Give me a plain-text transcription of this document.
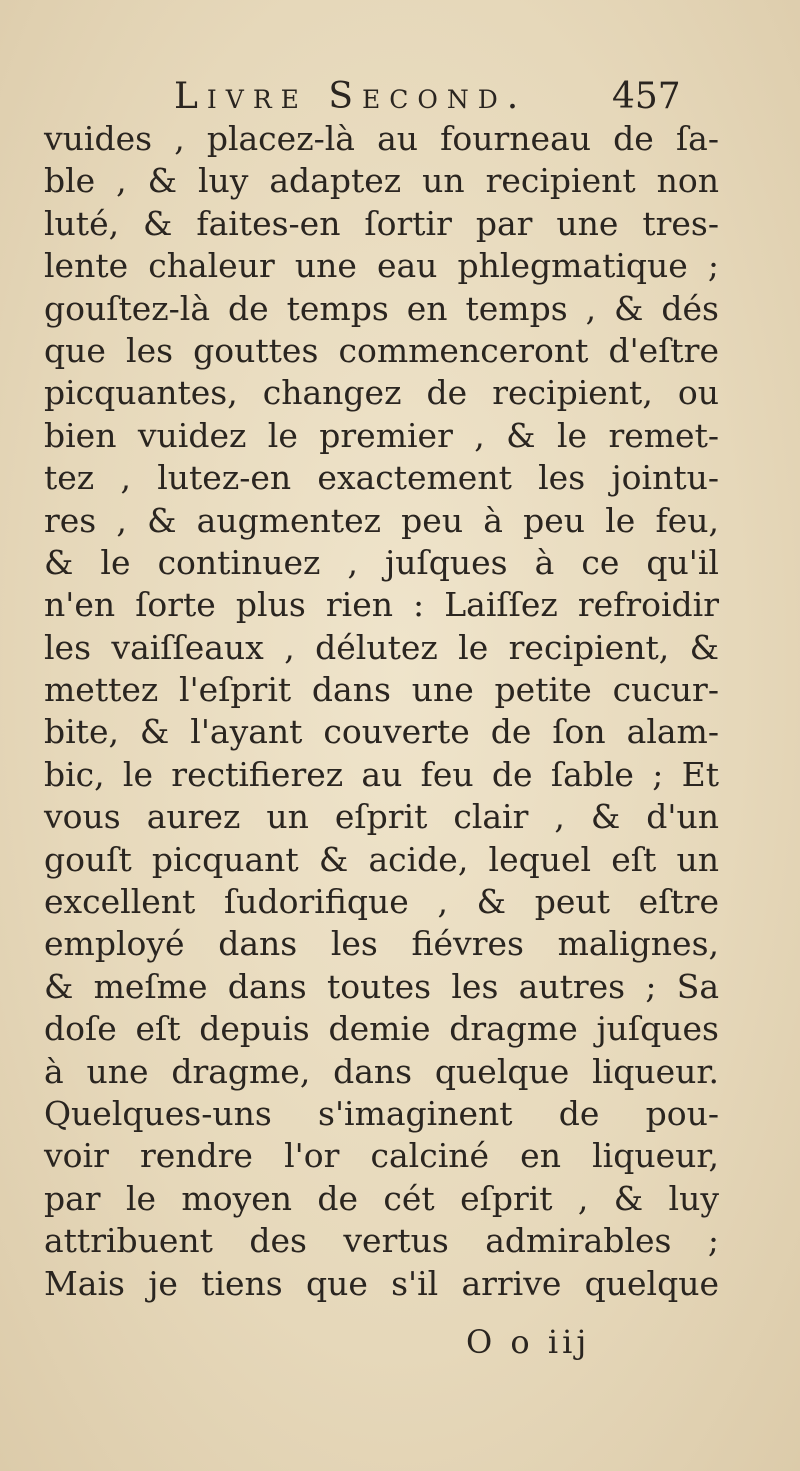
Livre Second. 457
vuides , placez-là au fourneau de ſa-
ble , & luy adaptez un recipient non
luté, & faites-en ſortir par une tres-
lente chaleur une eau phlegmatique ;
gouſtez-là de temps en temps , & dés
que les gouttes commenceront d'eſtre
picquantes, changez de recipient, ou
bien vuidez le premier , & le remet-
tez , lutez-en exactement les jointu-
res , & augmentez peu à peu le feu,
& le continuez , juſques à ce qu'il
n'en ſorte plus rien : Laiſſez refroidir
les vaiſſeaux , délutez le recipient, &
mettez l'eſprit dans une petite cucur-
bite, & l'ayant couverte de ſon alam-
bic, le rectifierez au feu de ſable ; Et
vous aurez un eſprit clair , & d'un
gouſt picquant & acide, lequel eſt un
excellent ſudorifique , & peut eſtre
employé dans les fiévres malignes,
& meſme dans toutes les autres ; Sa
doſe eſt depuis demie dragme juſques
à une dragme, dans quelque liqueur.
Quelques-uns s'imaginent de pou-
voir rendre l'or calciné en liqueur,
par le moyen de cét eſprit , & luy
attribuent des vertus admirables ;
Mais je tiens que s'il arrive quelque
O o iij
